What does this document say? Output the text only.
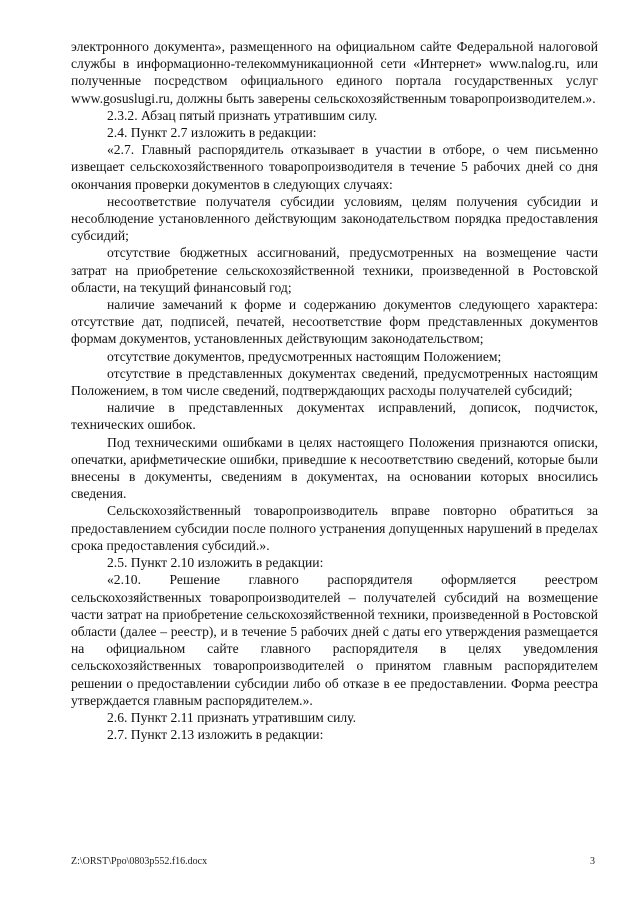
электронного документа», размещенного на официальном сайте Федеральной налоговой службы в информационно-телекоммуникационной сети «Интернет» www.nalog.ru, или полученные посредством официального единого портала государственных услуг www.gosuslugi.ru, должны быть заверены сельскохозяйственным товаропроизводителем.».

2.3.2. Абзац пятый признать утратившим силу.

2.4. Пункт 2.7 изложить в редакции:

«2.7. Главный распорядитель отказывает в участии в отборе, о чем письменно извещает сельскохозяйственного товаропроизводителя в течение 5 рабочих дней со дня окончания проверки документов в следующих случаях:

несоответствие получателя субсидии условиям, целям получения субсидии и несоблюдение установленного действующим законодательством порядка предоставления субсидий;

отсутствие бюджетных ассигнований, предусмотренных на возмещение части затрат на приобретение сельскохозяйственной техники, произведенной в Ростовской области, на текущий финансовый год;

наличие замечаний к форме и содержанию документов следующего характера: отсутствие дат, подписей, печатей, несоответствие форм представленных документов формам документов, установленных действующим законодательством;

отсутствие документов, предусмотренных настоящим Положением;

отсутствие в представленных документах сведений, предусмотренных настоящим Положением, в том числе сведений, подтверждающих расходы получателей субсидий;

наличие в представленных документах исправлений, дописок, подчисток, технических ошибок.

Под техническими ошибками в целях настоящего Положения признаются описки, опечатки, арифметические ошибки, приведшие к несоответствию сведений, которые были внесены в документы, сведениям в документах, на основании которых вносились сведения.

Сельскохозяйственный товаропроизводитель вправе повторно обратиться за предоставлением субсидии после полного устранения допущенных нарушений в пределах срока предоставления субсидий.».

2.5. Пункт 2.10 изложить в редакции:

«2.10. Решение главного распорядителя оформляется реестром сельскохозяйственных товаропроизводителей – получателей субсидий на возмещение части затрат на приобретение сельскохозяйственной техники, произведенной в Ростовской области (далее – реестр), и в течение 5 рабочих дней с даты его утверждения размещается на официальном сайте главного распорядителя в целях уведомления сельскохозяйственных товаропроизводителей о принятом главным распорядителем решении о предоставлении субсидии либо об отказе в ее предоставлении. Форма реестра утверждается главным распорядителем.».

2.6. Пункт 2.11 признать утратившим силу.

2.7. Пункт 2.13 изложить в редакции:

Z:\ORST\Ppo\0803p552.f16.docx	3
